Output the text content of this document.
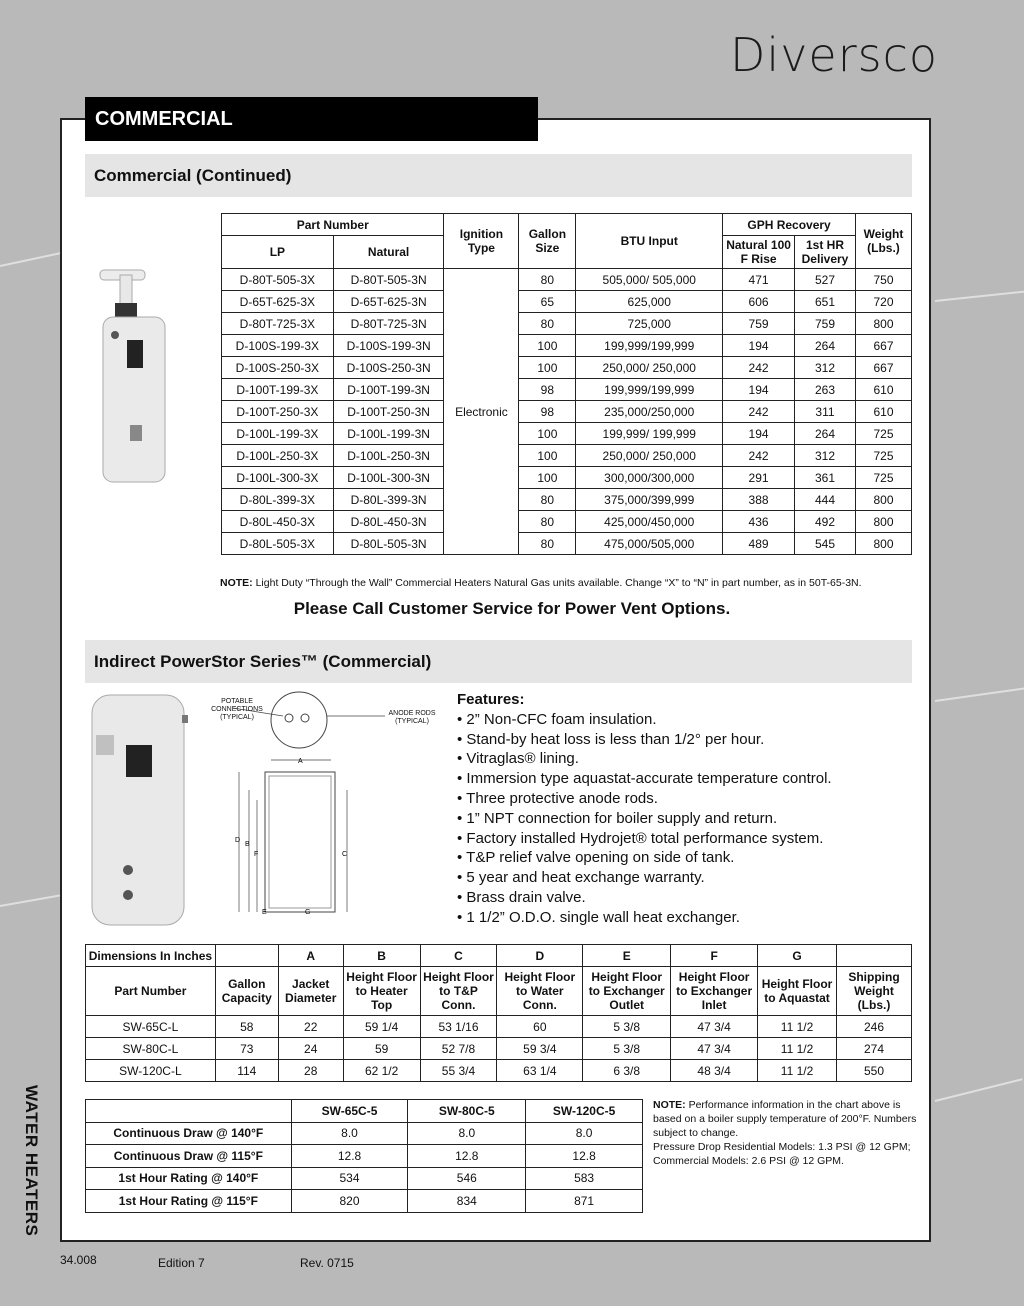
Diversco
COMMERCIAL
Commercial (Continued)
Part Number		Ignition Type	Gallon Size	BTU Input	GPH Recovery		Weight (Lbs.)
LP	Natural				Natural 100 F Rise	1st HR Delivery	
D-80T-505-3X	D-80T-505-3N	Electronic	80	505,000/ 505,000	471	527	750
D-65T-625-3X	D-65T-625-3N		65	625,000	606	651	720
D-80T-725-3X	D-80T-725-3N		80	725,000	759	759	800
D-100S-199-3X	D-100S-199-3N		100	199,999/199,999	194	264	667
D-100S-250-3X	D-100S-250-3N		100	250,000/ 250,000	242	312	667
D-100T-199-3X	D-100T-199-3N		98	199,999/199,999	194	263	610
D-100T-250-3X	D-100T-250-3N		98	235,000/250,000	242	311	610
D-100L-199-3X	D-100L-199-3N		100	199,999/ 199,999	194	264	725
D-100L-250-3X	D-100L-250-3N		100	250,000/ 250,000	242	312	725
D-100L-300-3X	D-100L-300-3N		100	300,000/300,000	291	361	725
D-80L-399-3X	D-80L-399-3N		80	375,000/399,999	388	444	800
D-80L-450-3X	D-80L-450-3N		80	425,000/450,000	436	492	800
D-80L-505-3X	D-80L-505-3N		80	475,000/505,000	489	545	800
NOTE: Light Duty “Through the Wall” Commercial Heaters Natural Gas units available. Change “X” to “N” in part number, as in 50T-65-3N.
Please Call Customer Service for Power Vent Options.
Indirect PowerStor Series™ (Commercial)
A
D
B
F	C
E	G
POTABLE CONNECTIONS (TYPICAL)
ANODE RODS (TYPICAL)
Features:
• 2” Non-CFC foam insulation.
• Stand-by heat loss is less than 1/2° per hour.
• Vitraglas® lining.
• Immersion type aquastat-accurate temperature control.
• Three protective anode rods.
• 1” NPT connection for boiler supply and return.
• Factory installed Hydrojet® total performance system.
• T&P relief valve opening on side of tank.
• 5 year and heat exchange warranty.
• Brass drain valve.
• 1 1/2” O.D.O. single wall heat exchanger.
Dimensions In Inches		A	B	C	D	E	F	G	
Part Number	Gallon Capacity	Jacket Diameter	Height Floor to Heater Top	Height Floor to T&P Conn.	Height Floor to Water Conn.	Height Floor to Exchanger Outlet	Height Floor to Exchanger Inlet	Height Floor to Aquastat	Shipping Weight (Lbs.)
SW-65C-L	58	22	59 1/4	53 1/16	60	5 3/8	47 3/4	11 1/2	246
SW-80C-L	73	24	59	52 7/8	59 3/4	5 3/8	47 3/4	11 1/2	274
SW-120C-L	114	28	62 1/2	55 3/4	63 1/4	6 3/8	48 3/4	11 1/2	550
	SW-65C-5	SW-80C-5	SW-120C-5
Continuous Draw @ 140°F	8.0	8.0	8.0
Continuous Draw @ 115°F	12.8	12.8	12.8
1st Hour Rating @ 140°F	534	546	583
1st Hour Rating @ 115°F	820	834	871
NOTE: Performance information in the chart above is based on a boiler supply temperature of 200°F. Numbers subject to change.
Pressure Drop Residential Models: 1.3 PSI @ 12 GPM; Commercial Models: 2.6 PSI @ 12 GPM.
WATER HEATERS
34.008	Edition 7	Rev. 0715
